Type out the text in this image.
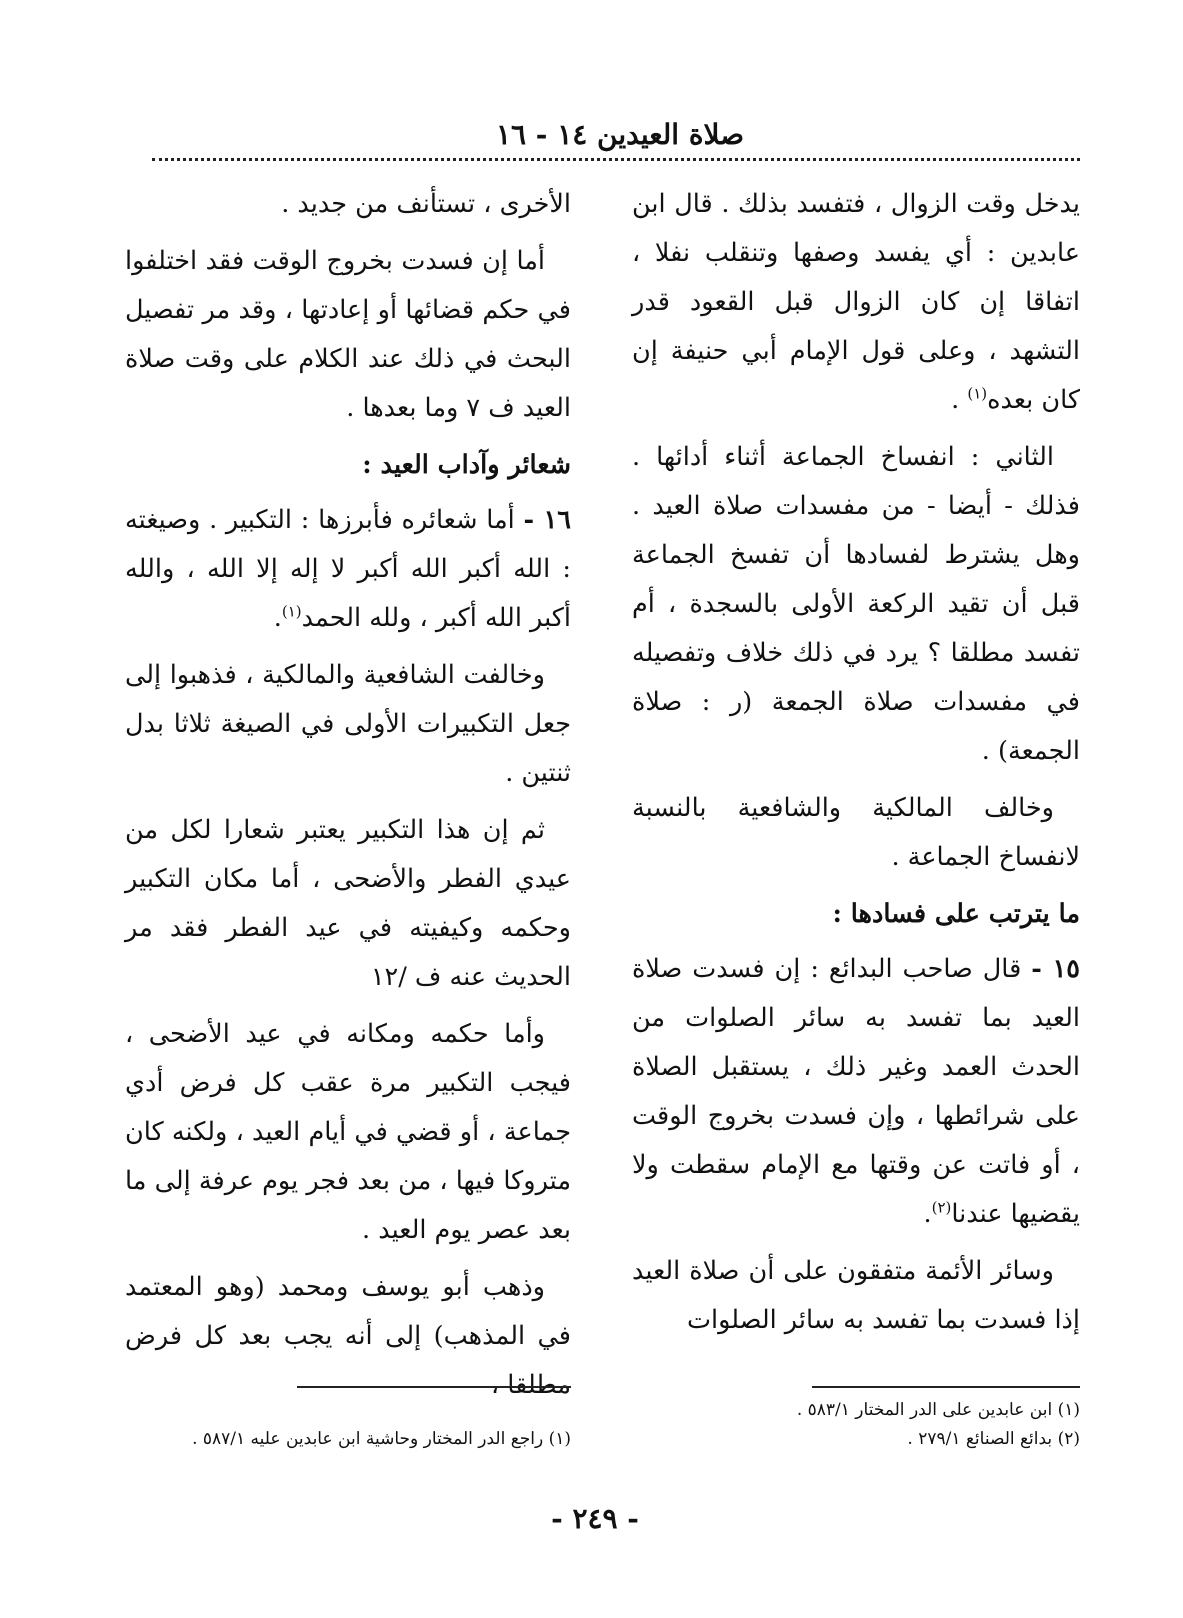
صلاة العيدين ١٤ - ١٦

يدخل وقت الزوال ، فتفسد بذلك . قال ابن عابدين : أي يفسد وصفها وتنقلب نفلا ، اتفاقا إن كان الزوال قبل القعود قدر التشهد ، وعلى قول الإمام أبي حنيفة إن كان بعده$^{(١)}$ .

الثاني : انفساخ الجماعة أثناء أدائها . فذلك - أيضا - من مفسدات صلاة العيد . وهل يشترط لفسادها أن تفسخ الجماعة قبل أن تقيد الركعة الأولى بالسجدة ، أم تفسد مطلقا ؟ يرد في ذلك خلاف وتفصيله في مفسدات صلاة الجمعة (ر : صلاة الجمعة) .

وخالف المالكية والشافعية بالنسبة لانفساخ الجماعة .

ما يترتب على فسادها :

١٥ - قال صاحب البدائع : إن فسدت صلاة العيد بما تفسد به سائر الصلوات من الحدث العمد وغير ذلك ، يستقبل الصلاة على شرائطها ، وإن فسدت بخروج الوقت ، أو فاتت عن وقتها مع الإمام سقطت ولا يقضيها عندنا$^{(٢)}$.

وسائر الأئمة متفقون على أن صلاة العيد إذا فسدت بما تفسد به سائر الصلوات

الأخرى ، تستأنف من جديد .

أما إن فسدت بخروج الوقت فقد اختلفوا في حكم قضائها أو إعادتها ، وقد مر تفصيل البحث في ذلك عند الكلام على وقت صلاة العيد ف ٧ وما بعدها .

شعائر وآداب العيد :

١٦ - أما شعائره فأبرزها : التكبير . وصيغته : الله أكبر الله أكبر لا إله إلا الله ، والله أكبر الله أكبر ، ولله الحمد$^{(١)}$.

وخالفت الشافعية والمالكية ، فذهبوا إلى جعل التكبيرات الأولى في الصيغة ثلاثا بدل ثنتين .

ثم إن هذا التكبير يعتبر شعارا لكل من عيدي الفطر والأضحى ، أما مكان التكبير وحكمه وكيفيته في عيد الفطر فقد مر الحديث عنه ف /١٢

وأما حكمه ومكانه في عيد الأضحى ، فيجب التكبير مرة عقب كل فرض أدي جماعة ، أو قضي في أيام العيد ، ولكنه كان متروكا فيها ، من بعد فجر يوم عرفة إلى ما بعد عصر يوم العيد .

وذهب أبو يوسف ومحمد (وهو المعتمد في المذهب) إلى أنه يجب بعد كل فرض مطلقا ،

(١) ابن عابدين على الدر المختار ٥٨٣/١ .
(٢) بدائع الصنائع ٢٧٩/١ .
(١) راجع الدر المختار وحاشية ابن عابدين عليه ٥٨٧/١ .
- ٢٤٩ -
